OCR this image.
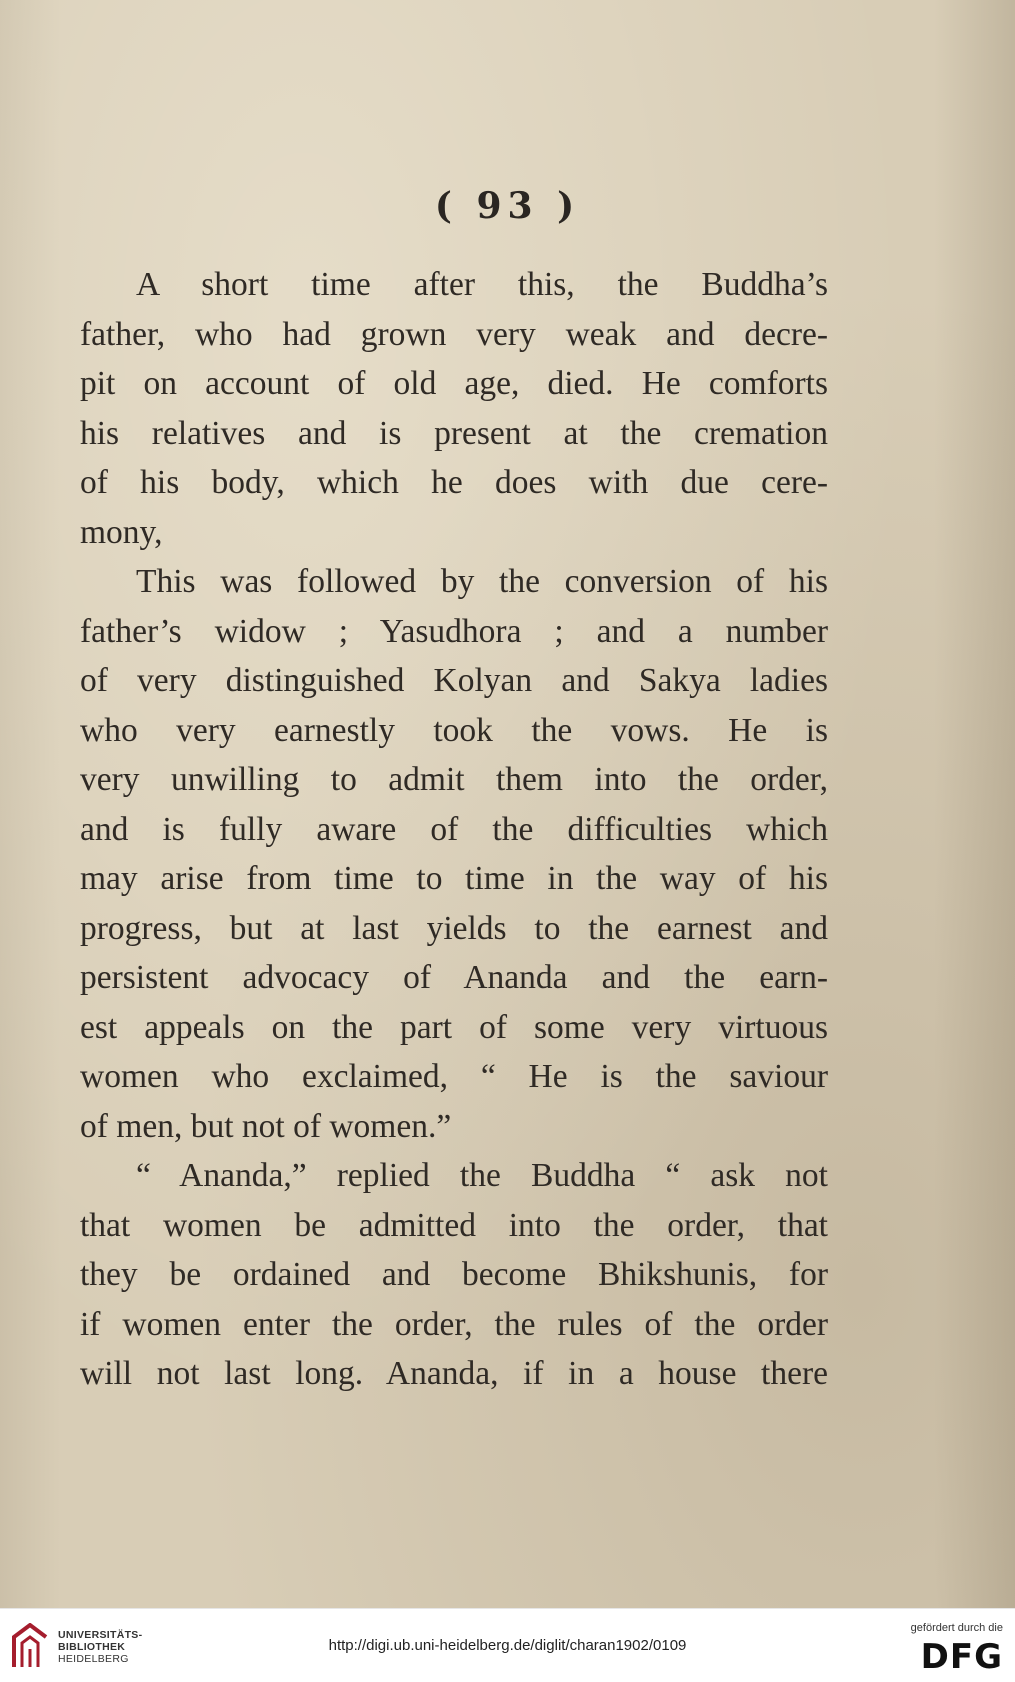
( 93 )
A short time after this, the Buddha’s
father, who had grown very weak and decre-
pit on account of old age, died. He comforts
his relatives and is present at the cremation
of his body, which he does with due cere-
mony,
This was followed by the conversion of his
father’s widow ; Yasudhora ; and a number
of very distinguished Kolyan and Sakya ladies
who very earnestly took the vows. He is
very unwilling to admit them into the order,
and is fully aware of the difficulties which
may arise from time to time in the way of his
progress, but at last yields to the earnest and
persistent advocacy of Ananda and the earn-
est appeals on the part of some very virtuous
women who exclaimed, “ He is the saviour
of men, but not of women.”
“ Ananda,” replied the Buddha “ ask not
that women be admitted into the order, that
they be ordained and become Bhikshunis, for
if women enter the order, the rules of the order
will not last long. Ananda, if in a house there
UNIVERSITÄTS-
BIBLIOTHEK
HEIDELBERG
http://digi.ub.uni-heidelberg.de/diglit/charan1902/0109
gefördert durch die
DFG
